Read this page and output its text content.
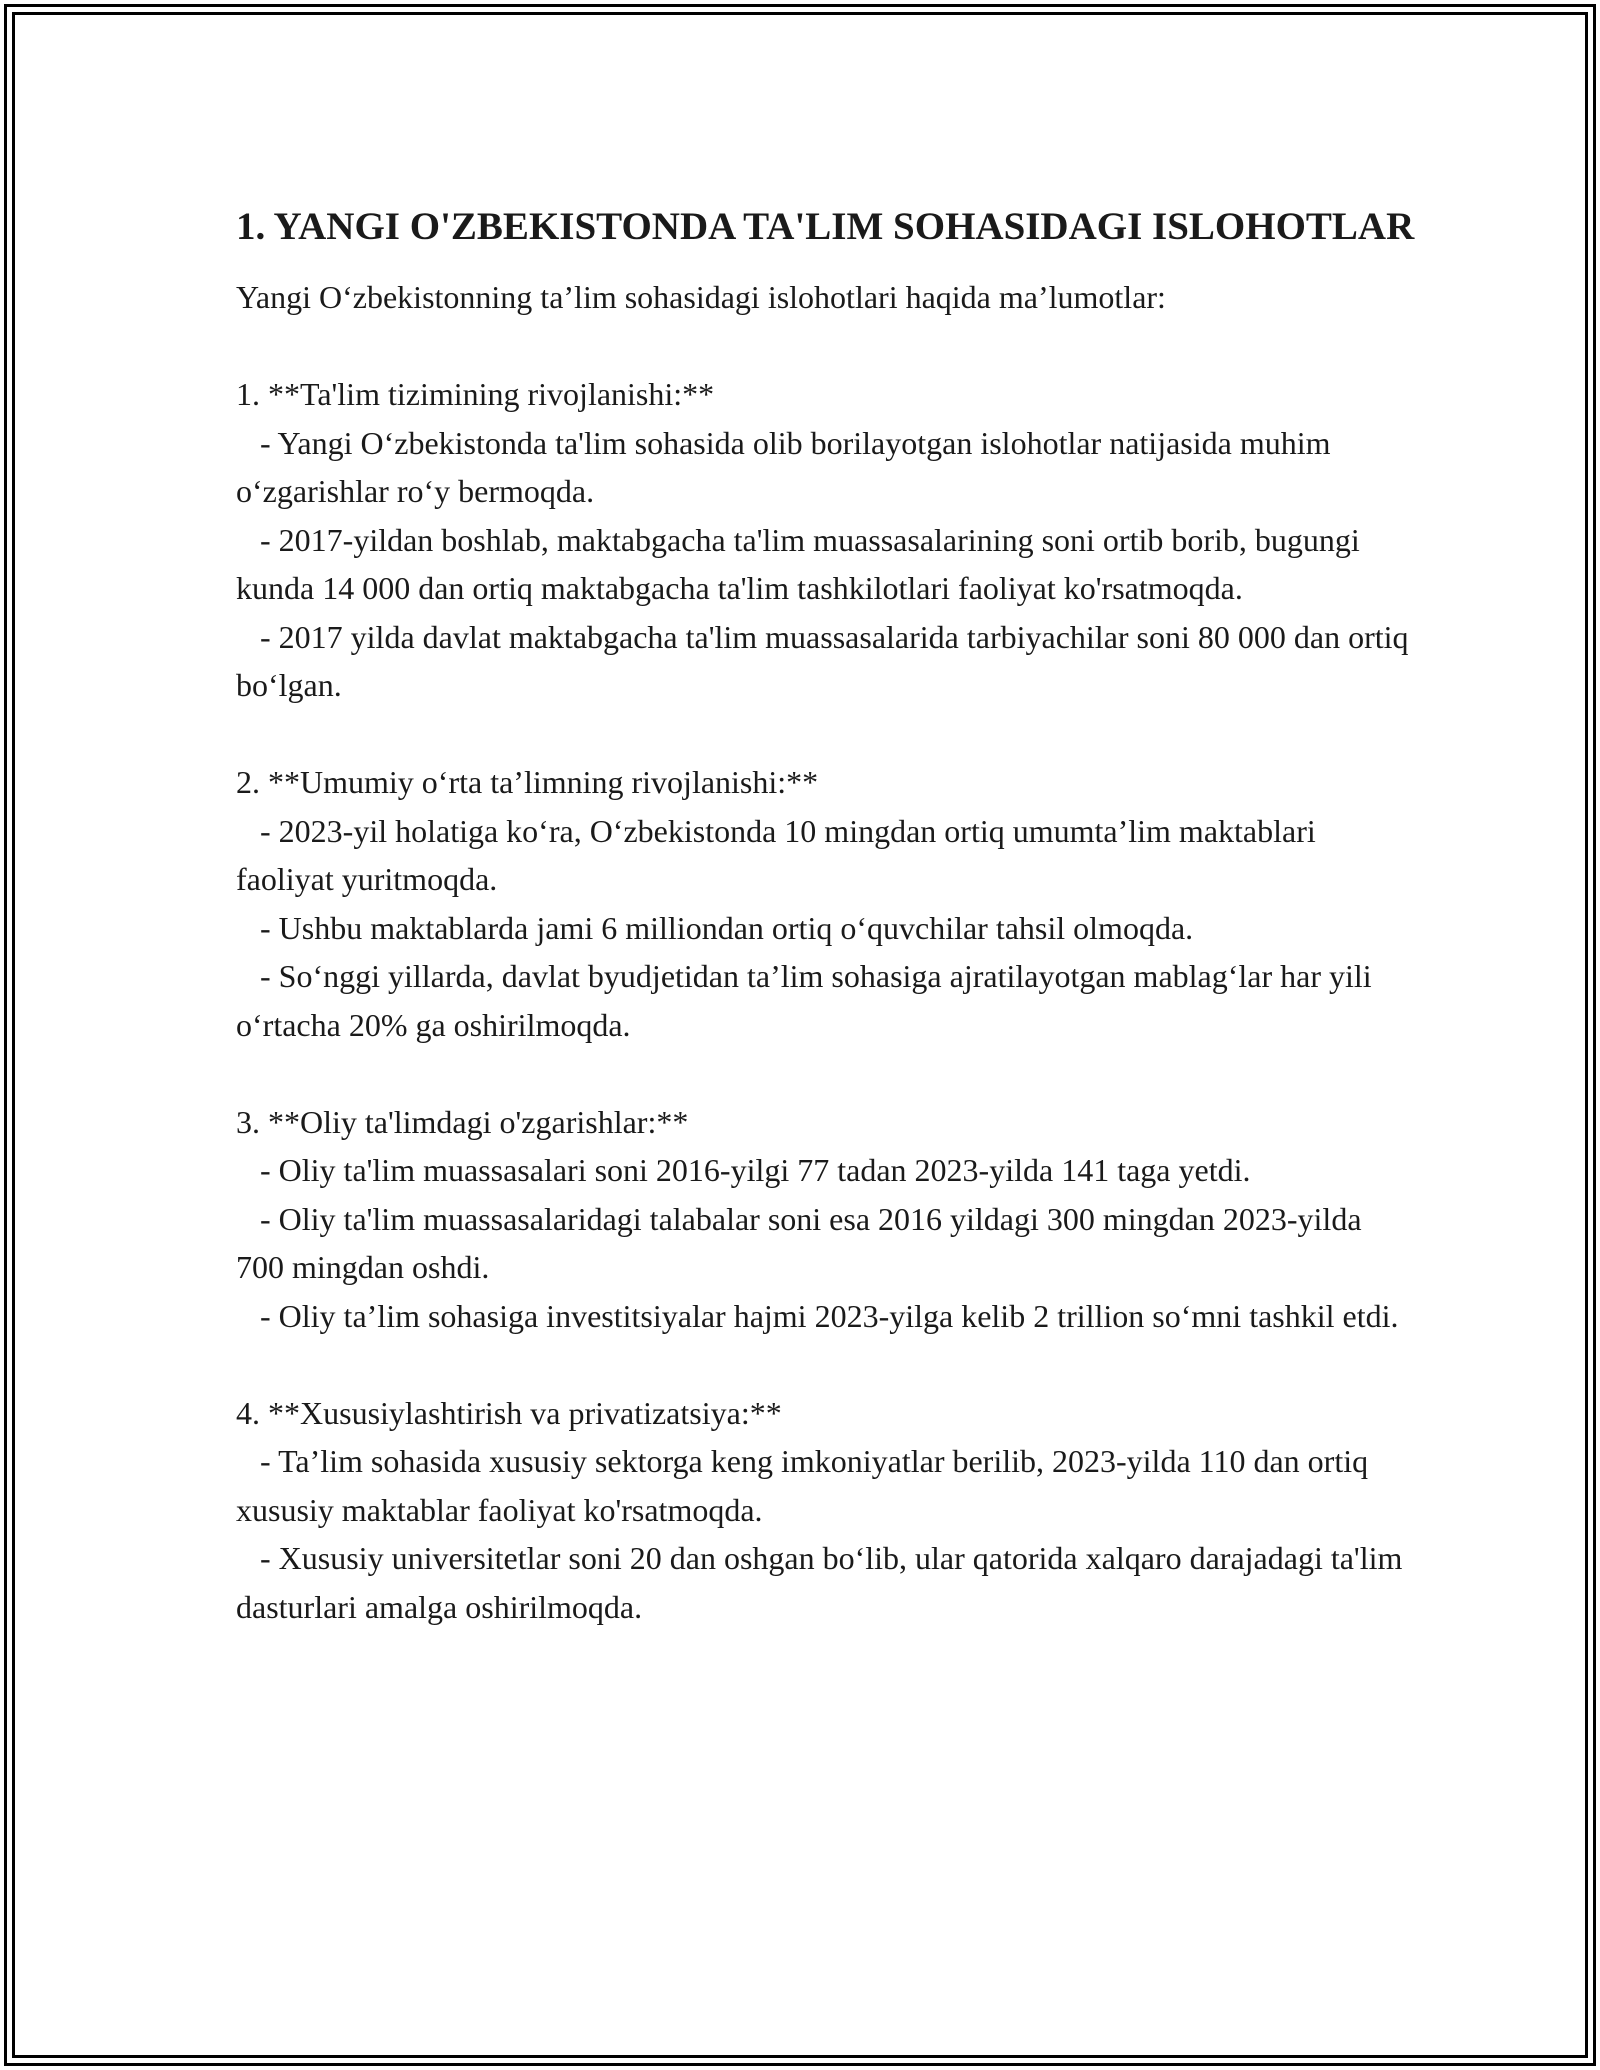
1. YANGI O'ZBEKISTONDA TA'LIM SOHASIDAGI ISLOHOTLAR

Yangi O‘zbekistonning ta’lim sohasidagi islohotlari haqida ma’lumotlar:

1. **Ta'lim tizimining rivojlanishi:**

- Yangi O‘zbekistonda ta'lim sohasida olib borilayotgan islohotlar natijasida muhim o‘zgarishlar ro‘y bermoqda.

- 2017-yildan boshlab, maktabgacha ta'lim muassasalarining soni ortib borib, bugungi kunda 14 000 dan ortiq maktabgacha ta'lim tashkilotlari faoliyat ko'rsatmoqda.

- 2017 yilda davlat maktabgacha ta'lim muassasalarida tarbiyachilar soni 80 000 dan ortiq bo‘lgan.

2. **Umumiy o‘rta ta’limning rivojlanishi:**

- 2023-yil holatiga ko‘ra, O‘zbekistonda 10 mingdan ortiq umumta’lim maktablari faoliyat yuritmoqda.

- Ushbu maktablarda jami 6 milliondan ortiq o‘quvchilar tahsil olmoqda.

- So‘nggi yillarda, davlat byudjetidan ta’lim sohasiga ajratilayotgan mablag‘lar har yili o‘rtacha 20% ga oshirilmoqda.

3. **Oliy ta'limdagi o'zgarishlar:**

- Oliy ta'lim muassasalari soni 2016-yilgi 77 tadan 2023-yilda 141 taga yetdi.

- Oliy ta'lim muassasalaridagi talabalar soni esa 2016 yildagi 300 mingdan 2023-yilda 700 mingdan oshdi.

- Oliy ta’lim sohasiga investitsiyalar hajmi 2023-yilga kelib 2 trillion so‘mni tashkil etdi.

4. **Xususiylashtirish va privatizatsiya:**

- Ta’lim sohasida xususiy sektorga keng imkoniyatlar berilib, 2023-yilda 110 dan ortiq xususiy maktablar faoliyat ko'rsatmoqda.

- Xususiy universitetlar soni 20 dan oshgan bo‘lib, ular qatorida xalqaro darajadagi ta'lim dasturlari amalga oshirilmoqda.
